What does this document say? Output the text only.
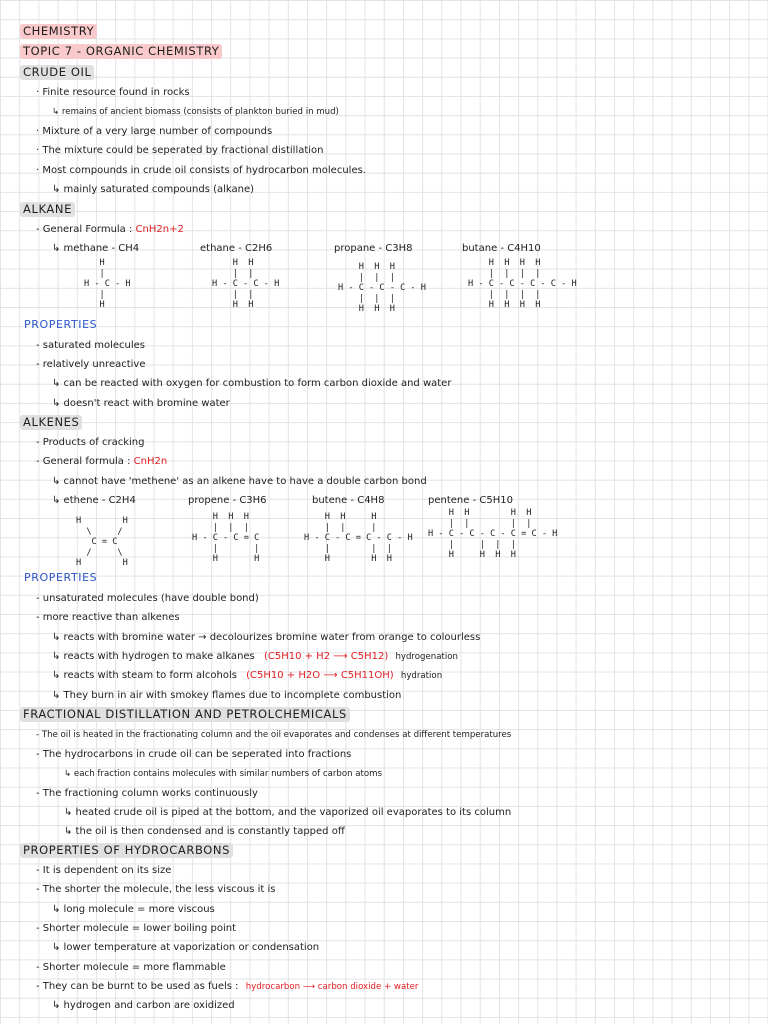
CHEMISTRY
TOPIC 7 - ORGANIC CHEMISTRY
CRUDE OIL
· Finite resource found in rocks
↳ remains of ancient biomass (consists of plankton buried in mud)
· Mixture of a very large number of compounds
· The mixture could be seperated by fractional distillation
· Most compounds in crude oil consists of hydrocarbon molecules.
↳ mainly saturated compounds (alkane)
ALKANE
- General Formula : CnH2n+2
↳ methane - CH4
H
|
H - C - H
|
H
ethane - C2H6
H  H
|  |
H - C - C - H
|  |
H  H
propane - C3H8
H  H  H
|  |  |
H - C - C - C - H
|  |  |
H  H  H
butane - C4H10
H  H  H  H
|  |  |  |
H - C - C - C - C - H
|  |  |  |
H  H  H  H
PROPERTIES
- saturated molecules
- relatively unreactive
↳ can be reacted with oxygen for combustion to form carbon dioxide and water
↳ doesn't react with bromine water
ALKENES
- Products of cracking
- General formula : CnH2n
↳ cannot have 'methene' as an alkene have to have a double carbon bond
↳ ethene - C2H4
H        H
\     /
C = C
/     \
H        H
propene - C3H6
H  H  H
|  |  |
H - C - C = C
|       |
H       H
butene - C4H8
H  H     H
|  |     |
H - C - C = C - C - H
|        |  |
H        H  H
pentene - C5H10
H  H        H  H
|  |        |  |
H - C - C - C - C = C - H
|     |  |  |
H     H  H  H
PROPERTIES
- unsaturated molecules (have double bond)
- more reactive than alkenes
↳ reacts with bromine water → decolourizes bromine water from orange to colourless
↳ reacts with hydrogen to make alkanes (C5H10 + H2 ⟶ C5H12) hydrogenation
↳ reacts with steam to form alcohols (C5H10 + H2O ⟶ C5H11OH) hydration
↳ They burn in air with smokey flames due to incomplete combustion
FRACTIONAL DISTILLATION AND PETROLCHEMICALS
- The oil is heated in the fractionating column and the oil evaporates and condenses at different temperatures
- The hydrocarbons in crude oil can be seperated into fractions
↳ each fraction contains molecules with similar numbers of carbon atoms
- The fractioning column works continuously
↳ heated crude oil is piped at the bottom, and the vaporized oil evaporates to its column
↳ the oil is then condensed and is constantly tapped off
PROPERTIES OF HYDROCARBONS
- It is dependent on its size
- The shorter the molecule, the less viscous it is
↳ long molecule = more viscous
- Shorter molecule = lower boiling point
↳ lower temperature at vaporization or condensation
- Shorter molecule = more flammable
- They can be burnt to be used as fuels : hydrocarbon ⟶ carbon dioxide + water
↳ hydrogen and carbon are oxidized
